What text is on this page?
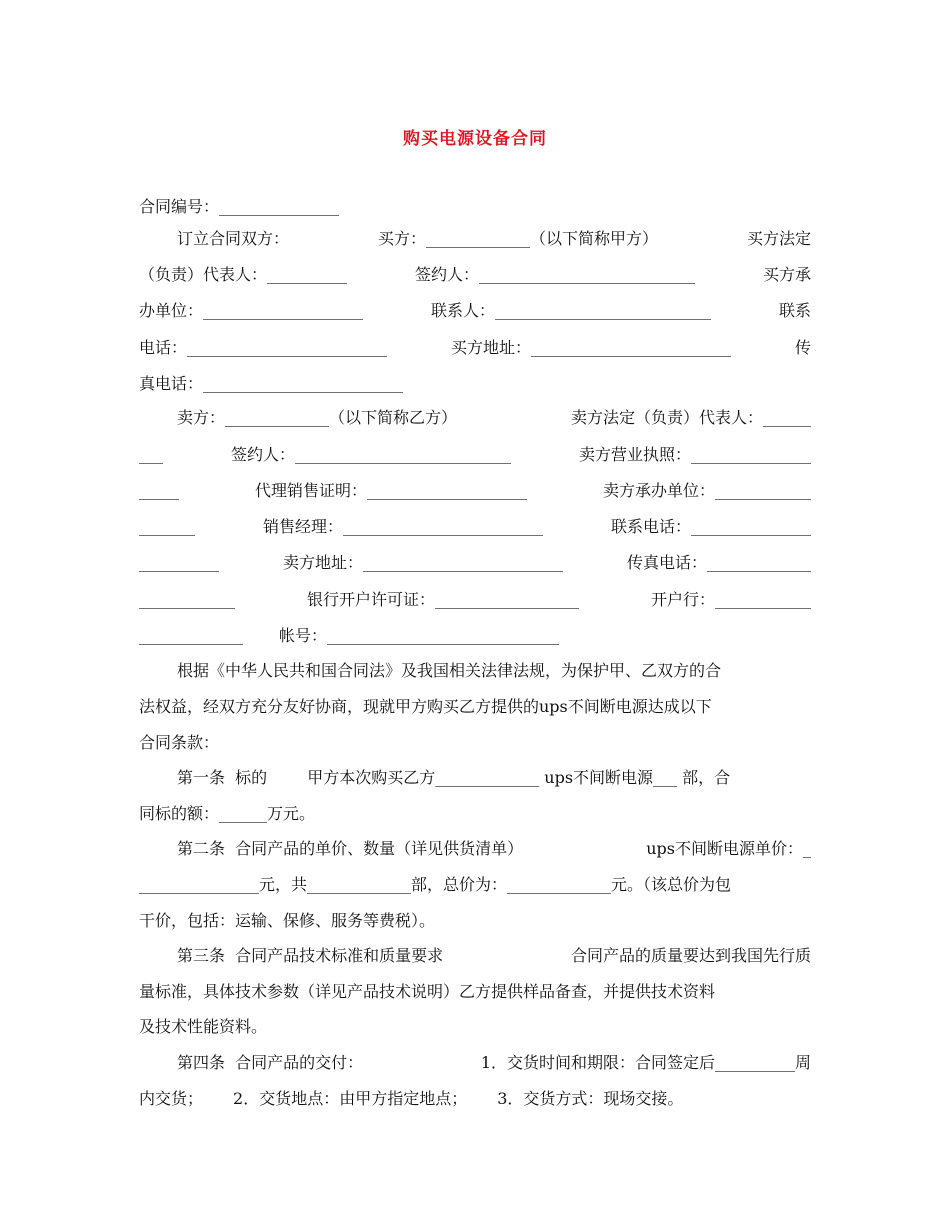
购买电源设备合同
合同编号：_______________
订立合同双方：	买方：_____________（以下简称甲方）	买方法定
（负责）代表人：__________	签约人：___________________________	买方承
办单位：____________________	联系人：___________________________	联系
电话：_________________________	买方地址：_________________________	传
真电话：_________________________
卖方：_____________（以下简称乙方）	卖方法定（负责）代表人：______
___	签约人：___________________________	卖方营业执照：_______________
_____	代理销售证明：____________________	卖方承办单位：____________
_______	销售经理：_________________________	联系电话：_______________
__________	卖方地址：_________________________	传真电话：_____________
____________	银行开户许可证：__________________	开户行：____________
_____________ 帐号：_____________________________
根据《中华人民共和国合同法》及我国相关法律法规，为保护甲、乙双方的合
法权益，经双方充分友好协商，现就甲方购买乙方提供的ups不间断电源达成以下
合同条款：
第一条  标的	甲方本次购买乙方_____________ ups不间断电源___ 部，合
同标的额：______万元。
第二条  合同产品的单价、数量（详见供货清单）	ups不间断电源单价：_
_______________元，共_____________部，总价为：_____________元。（该总价为包
干价，包括：运输、保修、服务等费税）。
第三条  合同产品技术标准和质量要求	合同产品的质量要达到我国先行质
量标准，具体技术参数（详见产品技术说明）乙方提供样品备查，并提供技术资料
及技术性能资料。
第四条  合同产品的交付：	1．交货时间和期限：合同签定后__________周
内交货； 2．交货地点：由甲方指定地点； 3．交货方式：现场交接。
